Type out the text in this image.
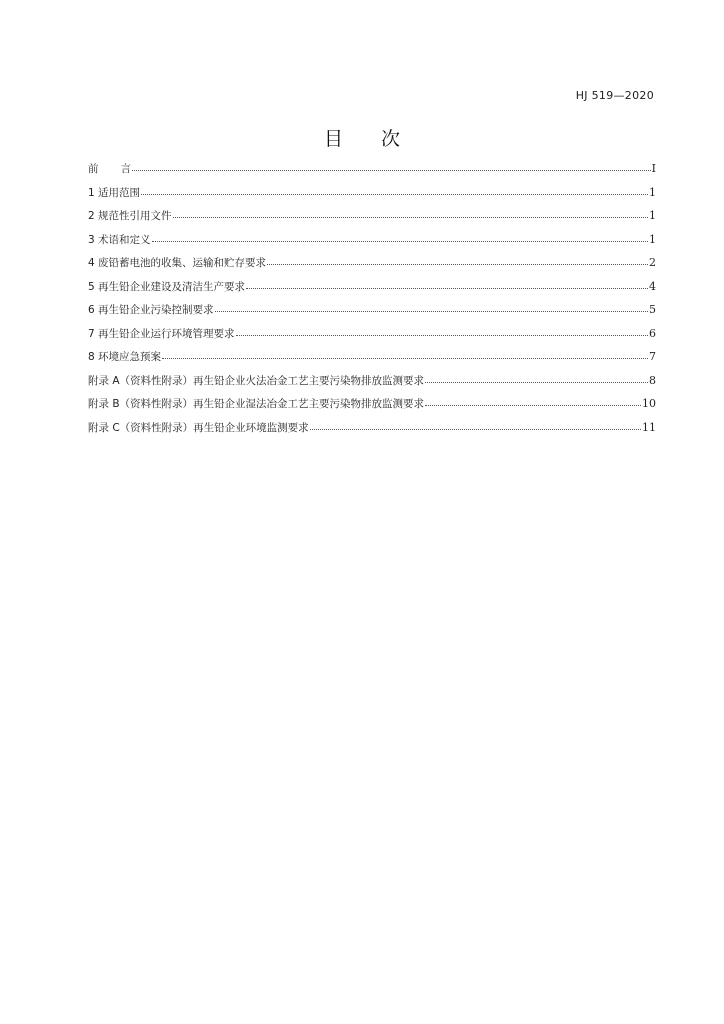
HJ 519—2020
目次
前 言	I
1 适用范围	1
2 规范性引用文件	1
3 术语和定义	1
4 废铅蓄电池的收集、运输和贮存要求	2
5 再生铅企业建设及清洁生产要求	4
6 再生铅企业污染控制要求	5
7 再生铅企业运行环境管理要求	6
8 环境应急预案	7
附录 A（资料性附录）再生铅企业火法冶金工艺主要污染物排放监测要求	8
附录 B（资料性附录）再生铅企业湿法冶金工艺主要污染物排放监测要求	10
附录 C（资料性附录）再生铅企业环境监测要求	11
